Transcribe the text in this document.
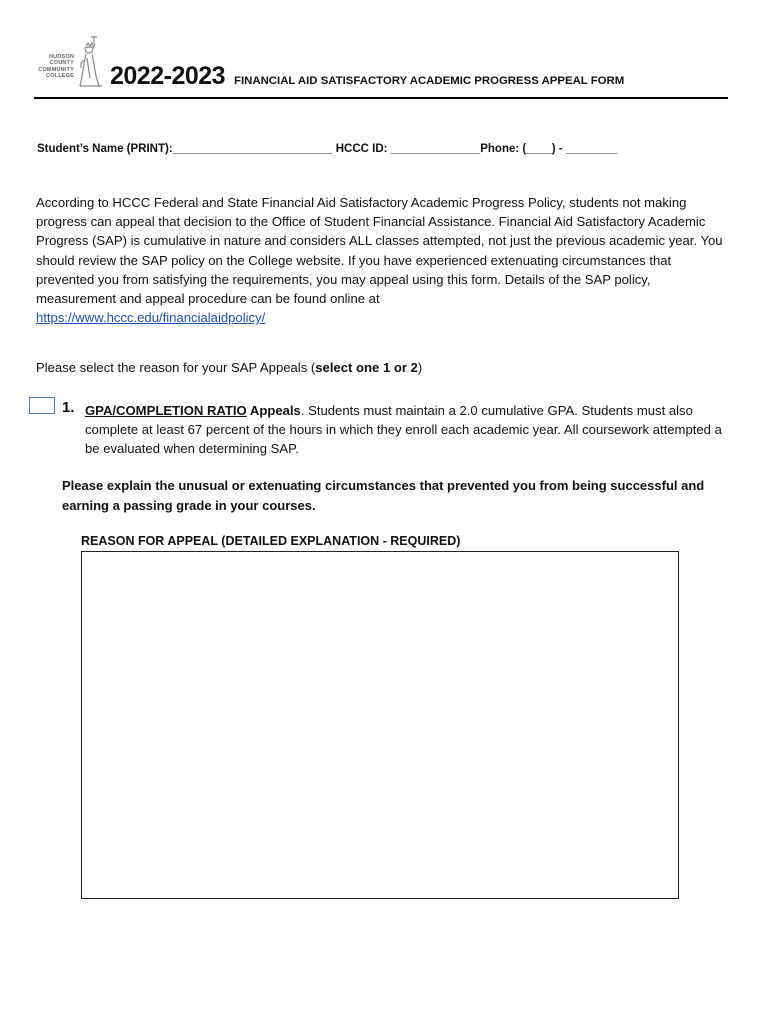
HUDSON
COUNTY
COMMUNITY
COLLEGE 2022-2023 FINANCIAL AID SATISFACTORY ACADEMIC PROGRESS APPEAL FORM
Student’s Name (PRINT):_________________________ HCCC ID: ______________Phone: (____) - ________

According to HCCC Federal and State Financial Aid Satisfactory Academic Progress Policy, students not making progress can appeal that decision to the Office of Student Financial Assistance. Financial Aid Satisfactory Academic Progress (SAP) is cumulative in nature and considers ALL classes attempted, not just the previous academic year. You should review the SAP policy on the College website. If you have experienced extenuating circumstances that prevented you from satisfying the requirements, you may appeal using this form. Details of the SAP policy, measurement and appeal procedure can be found online at
https://www.hccc.edu/financialaidpolicy/

Please select the reason for your SAP Appeals (select one 1 or 2)
1. GPA/COMPLETION RATIO Appeals. Students must maintain a 2.0 cumulative GPA. Students must also complete at least 67 percent of the hours in which they enroll each academic year. All coursework attempted a be evaluated when determining SAP.

Please explain the unusual or extenuating circumstances that prevented you from being successful and earning a passing grade in your courses.

REASON FOR APPEAL (DETAILED EXPLANATION - REQUIRED)
